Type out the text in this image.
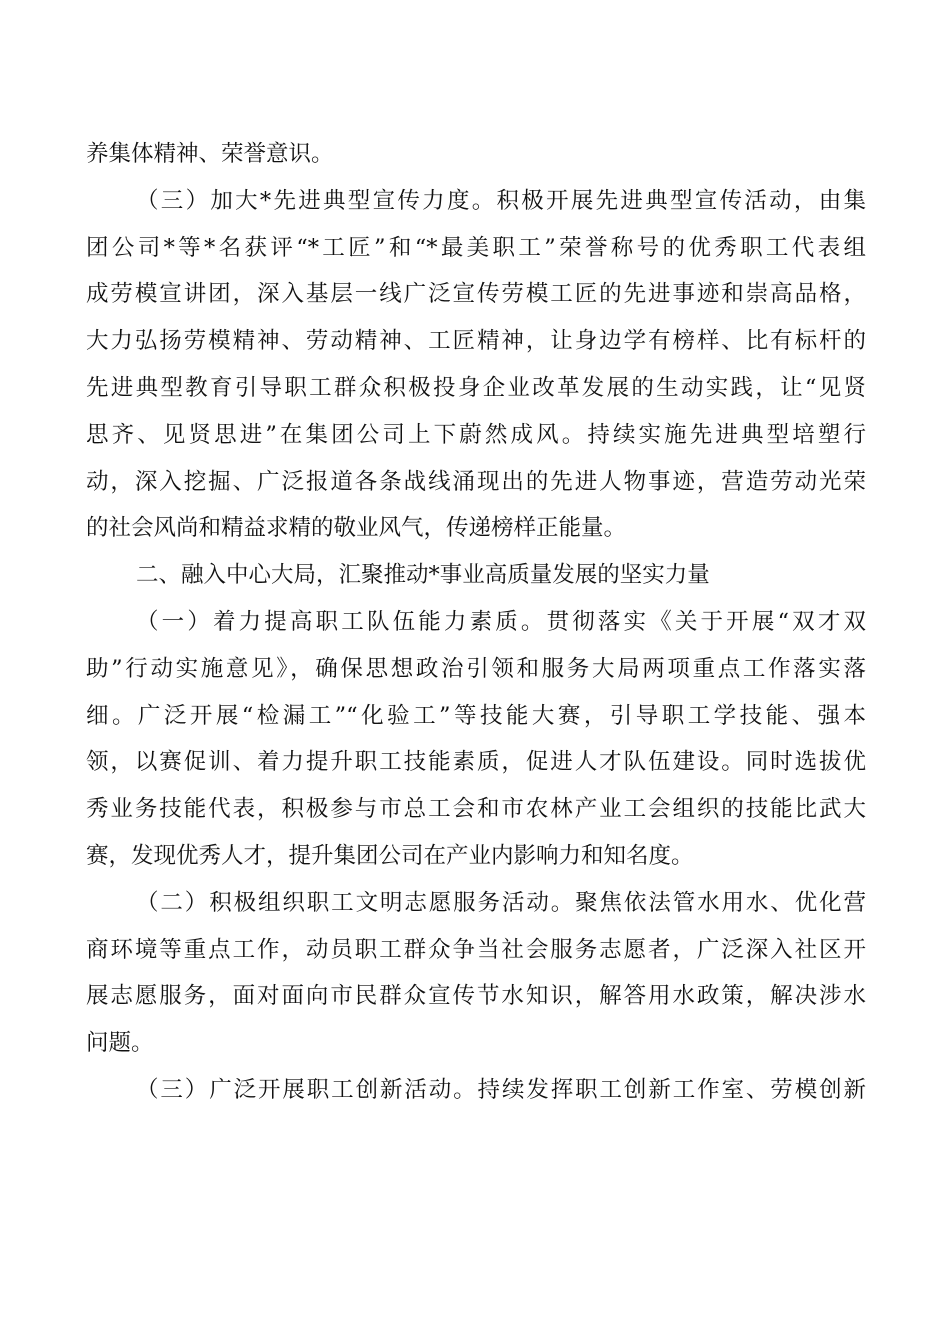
养集体精神、荣誉意识。
（三）加大*先进典型宣传力度。积极开展先进典型宣传活动，由集
团公司*等*名获评“*工匠”和“*最美职工”荣誉称号的优秀职工代表组
成劳模宣讲团，深入基层一线广泛宣传劳模工匠的先进事迹和崇高品格，
大力弘扬劳模精神、劳动精神、工匠精神，让身边学有榜样、比有标杆的
先进典型教育引导职工群众积极投身企业改革发展的生动实践，让“见贤
思齐、见贤思进”在集团公司上下蔚然成风。持续实施先进典型培塑行
动，深入挖掘、广泛报道各条战线涌现出的先进人物事迹，营造劳动光荣
的社会风尚和精益求精的敬业风气，传递榜样正能量。
二、融入中心大局，汇聚推动*事业高质量发展的坚实力量
（一）着力提高职工队伍能力素质。贯彻落实《关于开展“双才双
助”行动实施意见》，确保思想政治引领和服务大局两项重点工作落实落
细。广泛开展“检漏工”“化验工”等技能大赛，引导职工学技能、强本
领，以赛促训、着力提升职工技能素质，促进人才队伍建设。同时选拔优
秀业务技能代表，积极参与市总工会和市农林产业工会组织的技能比武大
赛，发现优秀人才，提升集团公司在产业内影响力和知名度。
（二）积极组织职工文明志愿服务活动。聚焦依法管水用水、优化营
商环境等重点工作，动员职工群众争当社会服务志愿者，广泛深入社区开
展志愿服务，面对面向市民群众宣传节水知识，解答用水政策，解决涉水
问题。
（三）广泛开展职工创新活动。持续发挥职工创新工作室、劳模创新
